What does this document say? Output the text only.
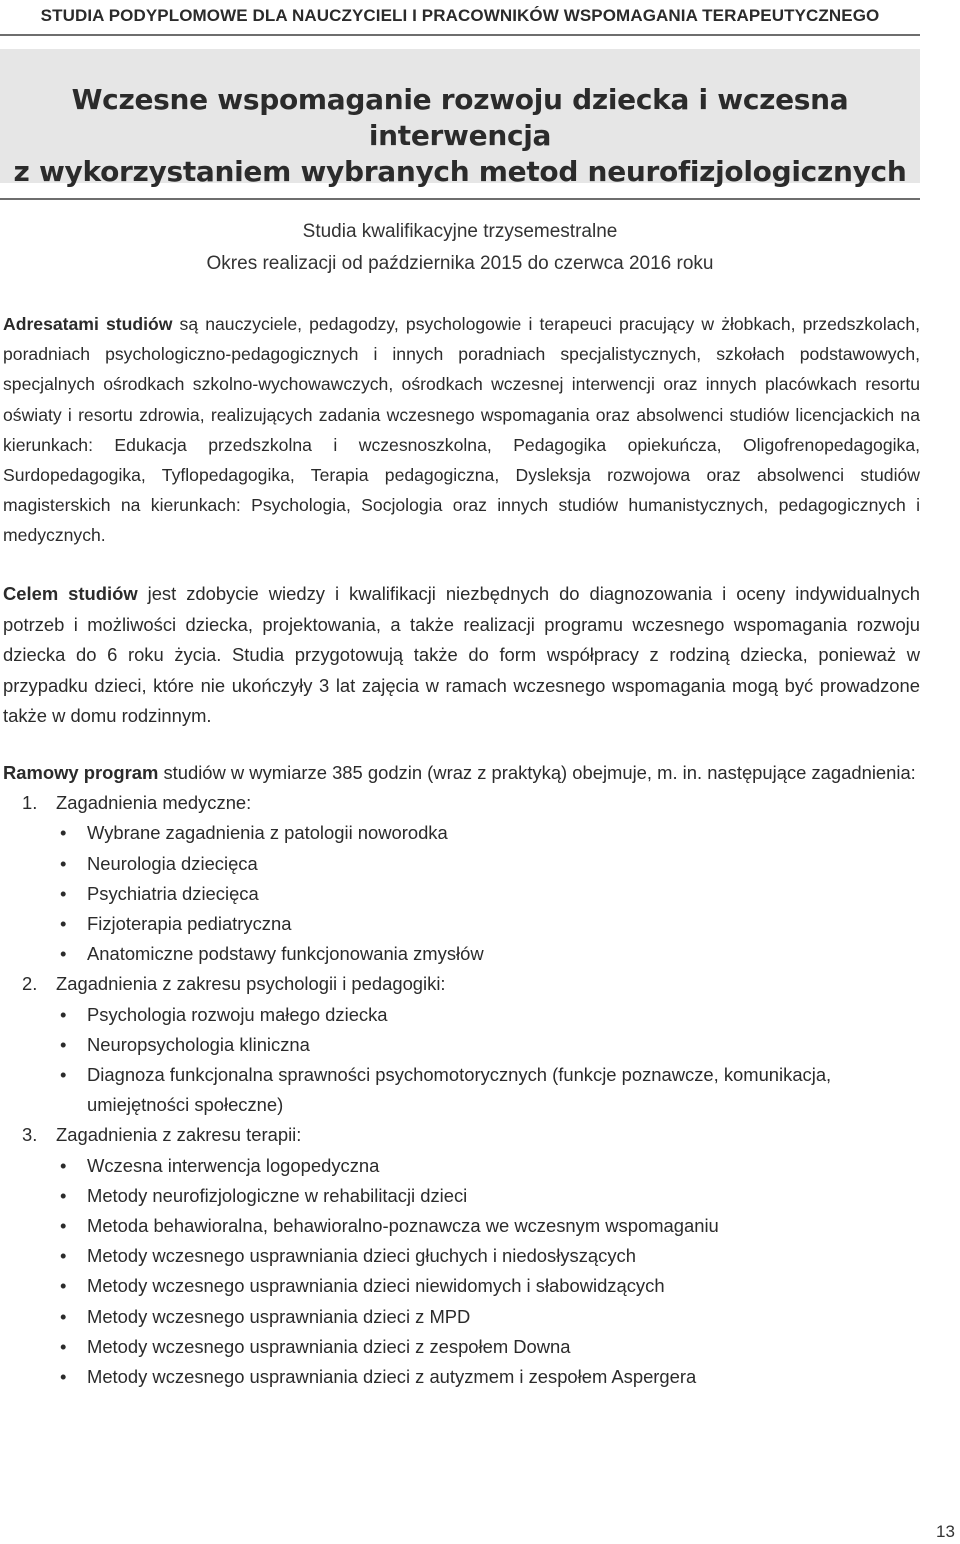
STUDIA PODYPLOMOWE DLA NAUCZYCIELI I PRACOWNIKÓW WSPOMAGANIA TERAPEUTYCZNEGO
Wczesne wspomaganie rozwoju dziecka i wczesna interwencja
z wykorzystaniem wybranych metod neurofizjologicznych
Studia kwalifikacyjne trzysemestralne
Okres realizacji od października 2015 do czerwca 2016 roku

Adresatami studiów są nauczyciele, pedagodzy, psychologowie i terapeuci pracujący w żłobkach, przedszkolach, poradniach psychologiczno-pedagogicznych i innych poradniach specjalistycznych, szkołach podstawowych, specjalnych ośrodkach szkolno-wychowawczych, ośrodkach wczesnej interwencji oraz innych placówkach resortu oświaty i resortu zdrowia, realizujących zadania wczesnego wspomagania oraz absolwenci studiów licencjackich na kierunkach: Edukacja przedszkolna i wczesnoszkolna, Pedagogika opiekuńcza, Oligofrenopedagogika, Surdopedagogika, Tyflopedagogika, Terapia pedagogiczna, Dysleksja rozwojowa oraz absolwenci studiów magisterskich na kierunkach: Psychologia, Socjologia oraz innych studiów humanistycznych, pedagogicznych i medycznych.

Celem studiów jest zdobycie wiedzy i kwalifikacji niezbędnych do diagnozowania i oceny indywidualnych potrzeb i możliwości dziecka, projektowania, a także realizacji programu wczesnego wspomagania rozwoju dziecka do 6 roku życia. Studia przygotowują także do form współpracy z rodziną dziecka, ponieważ w przypadku dzieci, które nie ukończyły 3 lat zajęcia w ramach wczesnego wspomagania mogą być prowadzone także w domu rodzinnym.

Ramowy program studiów w wymiarze 385 godzin (wraz z praktyką) obejmuje, m. in. następujące zagadnienia:
1. Zagadnienia medyczne:
• Wybrane zagadnienia z patologii noworodka
• Neurologia dziecięca
• Psychiatria dziecięca
• Fizjoterapia pediatryczna
• Anatomiczne podstawy funkcjonowania zmysłów
2. Zagadnienia z zakresu psychologii i pedagogiki:
• Psychologia rozwoju małego dziecka
• Neuropsychologia kliniczna
• Diagnoza funkcjonalna sprawności psychomotorycznych (funkcje poznawcze, komunikacja, umiejętności społeczne)
3. Zagadnienia z zakresu terapii:
• Wczesna interwencja logopedyczna
• Metody neurofizjologiczne w rehabilitacji dzieci
• Metoda behawioralna, behawioralno-poznawcza we wczesnym wspomaganiu
• Metody wczesnego usprawniania dzieci głuchych i niedosłyszących
• Metody wczesnego usprawniania dzieci niewidomych i słabowidzących
• Metody wczesnego usprawniania dzieci z MPD
• Metody wczesnego usprawniania dzieci z zespołem Downa
• Metody wczesnego usprawniania dzieci z autyzmem i zespołem Aspergera
13
